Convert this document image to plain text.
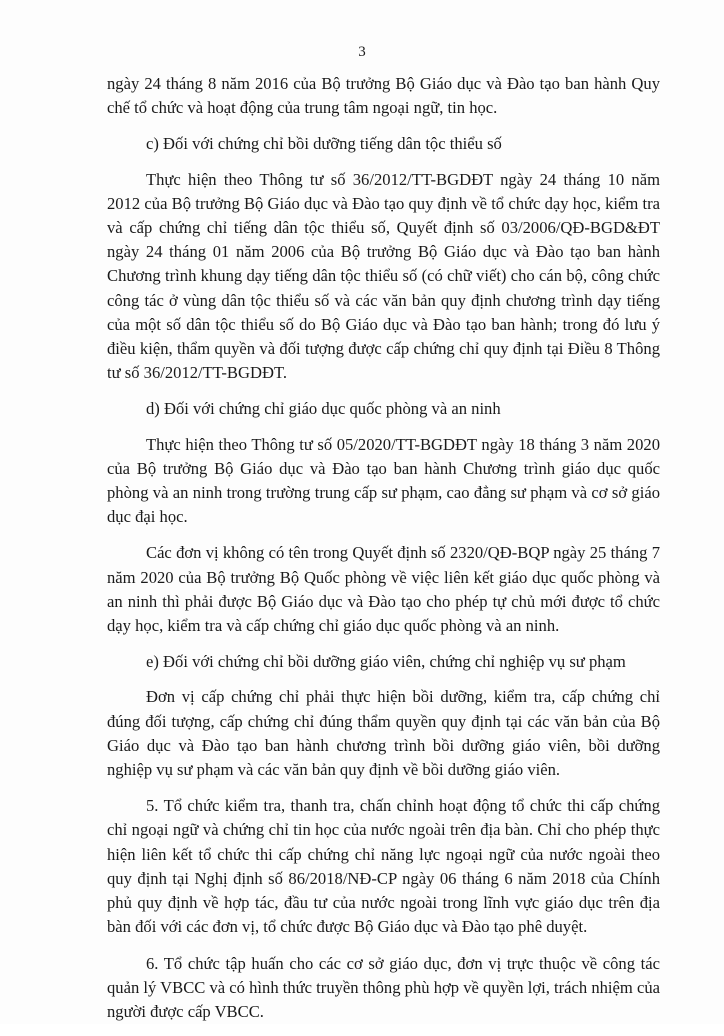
3

ngày 24 tháng 8 năm 2016 của Bộ trưởng Bộ Giáo dục và Đào tạo ban hành Quy chế tổ chức và hoạt động của trung tâm ngoại ngữ, tin học.

c) Đối với chứng chỉ bồi dưỡng tiếng dân tộc thiểu số

Thực hiện theo Thông tư số 36/2012/TT-BGDĐT ngày 24 tháng 10 năm 2012 của Bộ trưởng Bộ Giáo dục và Đào tạo quy định về tổ chức dạy học, kiểm tra và cấp chứng chỉ tiếng dân tộc thiểu số, Quyết định số 03/2006/QĐ-BGD&ĐT ngày 24 tháng 01 năm 2006 của Bộ trưởng Bộ Giáo dục và Đào tạo ban hành Chương trình khung dạy tiếng dân tộc thiểu số (có chữ viết) cho cán bộ, công chức công tác ở vùng dân tộc thiểu số và các văn bản quy định chương trình dạy tiếng của một số dân tộc thiểu số do Bộ Giáo dục và Đào tạo ban hành; trong đó lưu ý điều kiện, thẩm quyền và đối tượng được cấp chứng chỉ quy định tại Điều 8 Thông tư số 36/2012/TT-BGDĐT.

d) Đối với chứng chỉ giáo dục quốc phòng và an ninh

Thực hiện theo Thông tư số 05/2020/TT-BGDĐT ngày 18 tháng 3 năm 2020 của Bộ trưởng Bộ Giáo dục và Đào tạo ban hành Chương trình giáo dục quốc phòng và an ninh trong trường trung cấp sư phạm, cao đẳng sư phạm và cơ sở giáo dục đại học.

Các đơn vị không có tên trong Quyết định số 2320/QĐ-BQP ngày 25 tháng 7 năm 2020 của Bộ trưởng Bộ Quốc phòng về việc liên kết giáo dục quốc phòng và an ninh thì phải được Bộ Giáo dục và Đào tạo cho phép tự chủ mới được tổ chức dạy học, kiểm tra và cấp chứng chỉ giáo dục quốc phòng và an ninh.

e) Đối với chứng chỉ bồi dưỡng giáo viên, chứng chỉ nghiệp vụ sư phạm

Đơn vị cấp chứng chỉ phải thực hiện bồi dưỡng, kiểm tra, cấp chứng chỉ đúng đối tượng, cấp chứng chỉ đúng thẩm quyền quy định tại các văn bản của Bộ Giáo dục và Đào tạo ban hành chương trình bồi dưỡng giáo viên, bồi dưỡng nghiệp vụ sư phạm và các văn bản quy định về bồi dưỡng giáo viên.

5. Tổ chức kiểm tra, thanh tra, chấn chỉnh hoạt động tổ chức thi cấp chứng chỉ ngoại ngữ và chứng chỉ tin học của nước ngoài trên địa bàn. Chỉ cho phép thực hiện liên kết tổ chức thi cấp chứng chỉ năng lực ngoại ngữ của nước ngoài theo quy định tại Nghị định số 86/2018/NĐ-CP ngày 06 tháng 6 năm 2018 của Chính phủ quy định về hợp tác, đầu tư của nước ngoài trong lĩnh vực giáo dục trên địa bàn đối với các đơn vị, tổ chức được Bộ Giáo dục và Đào tạo phê duyệt.

6. Tổ chức tập huấn cho các cơ sở giáo dục, đơn vị trực thuộc về công tác quản lý VBCC và có hình thức truyền thông phù hợp về quyền lợi, trách nhiệm của người được cấp VBCC.
